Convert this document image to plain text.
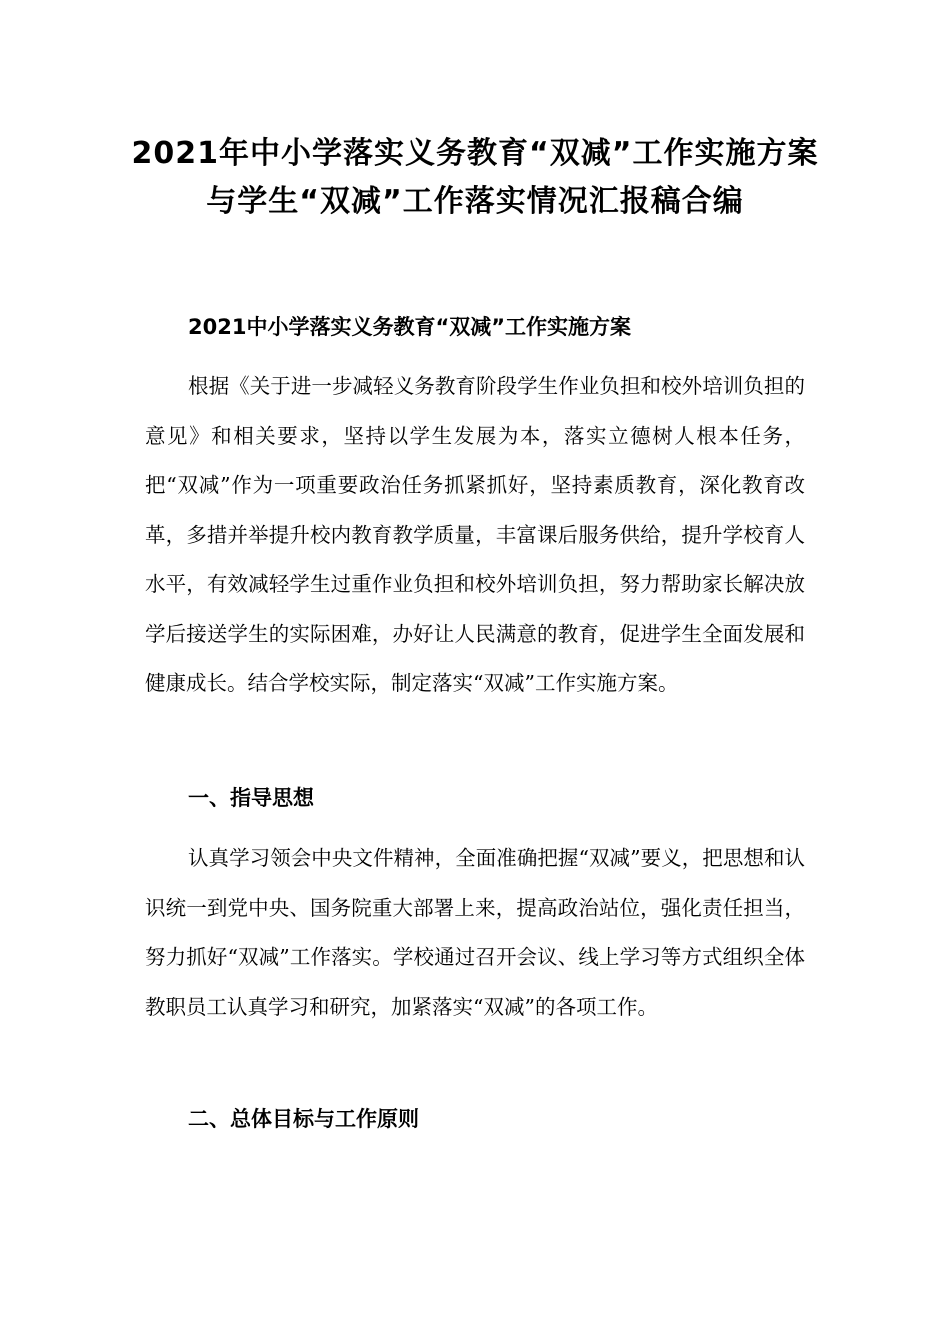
2021年中小学落实义务教育“双减”工作实施方案
与学生“双减”工作落实情况汇报稿合编
2021中小学落实义务教育“双减”工作实施方案

根据《关于进一步减轻义务教育阶段学生作业负担和校外培训负担的意见》和相关要求，坚持以学生发展为本，落实立德树人根本任务，把“双减”作为一项重要政治任务抓紧抓好，坚持素质教育，深化教育改革，多措并举提升校内教育教学质量，丰富课后服务供给，提升学校育人水平，有效减轻学生过重作业负担和校外培训负担，努力帮助家长解决放学后接送学生的实际困难，办好让人民满意的教育，促进学生全面发展和健康成长。结合学校实际，制定落实“双减”工作实施方案。

一、指导思想

认真学习领会中央文件精神，全面准确把握“双减”要义，把思想和认识统一到党中央、国务院重大部署上来，提高政治站位，强化责任担当，努力抓好“双减”工作落实。学校通过召开会议、线上学习等方式组织全体教职员工认真学习和研究，加紧落实“双减”的各项工作。

二、总体目标与工作原则
